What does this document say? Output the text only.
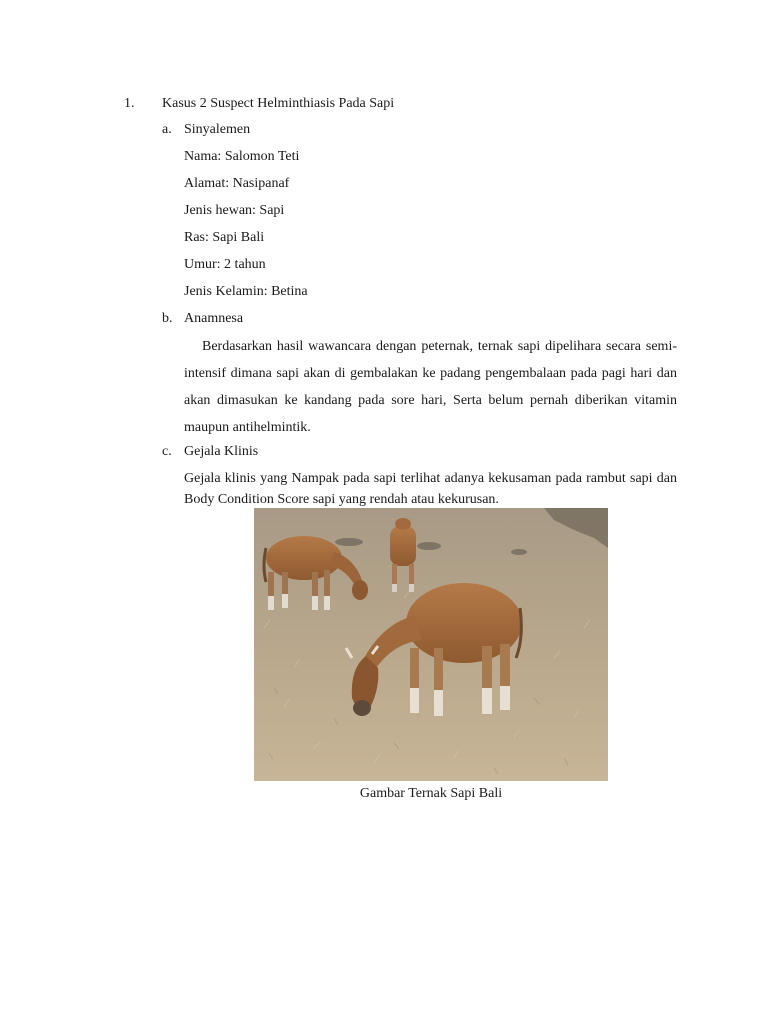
1. Kasus 2 Suspect Helminthiasis Pada Sapi
a. Sinyalemen
Nama: Salomon Teti
Alamat: Nasipanaf
Jenis hewan: Sapi
Ras: Sapi Bali
Umur: 2 tahun
Jenis Kelamin: Betina
b. Anamnesa
Berdasarkan hasil wawancara dengan peternak, ternak sapi dipelihara secara semi-intensif dimana sapi akan di gembalakan ke padang pengembalaan pada pagi hari dan akan dimasukan ke kandang pada sore hari, Serta belum pernah diberikan vitamin maupun antihelmintik.
c. Gejala Klinis
Gejala klinis yang Nampak pada sapi terlihat adanya kekusaman pada rambut sapi dan Body Condition Score sapi yang rendah atau kekurusan.
Gambar Ternak Sapi Bali
